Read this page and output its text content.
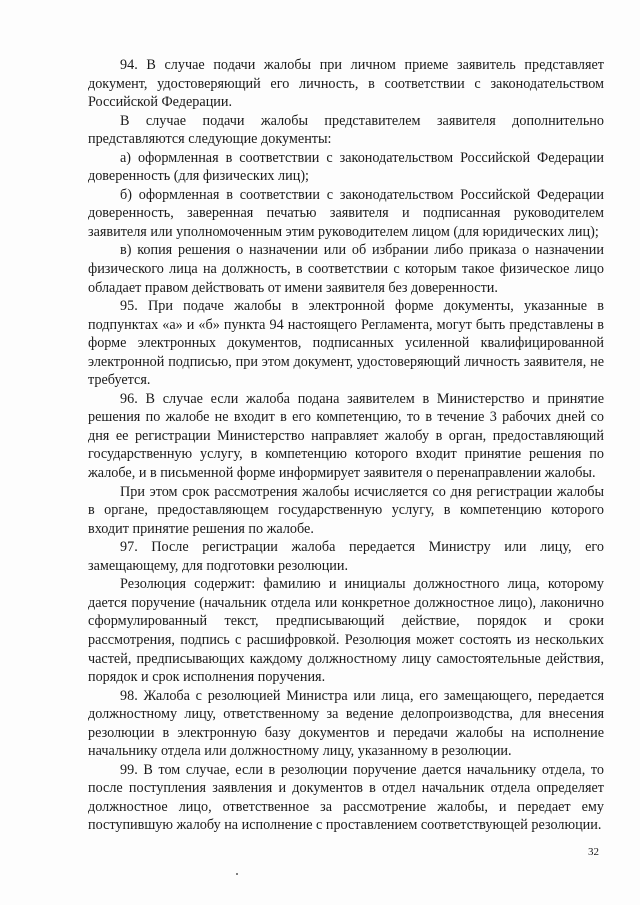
94. В случае подачи жалобы при личном приеме заявитель представляет документ, удостоверяющий его личность, в соответствии с законодательством Российской Федерации.

В случае подачи жалобы представителем заявителя дополнительно представляются следующие документы:

а) оформленная в соответствии с законодательством Российской Федерации доверенность (для физических лиц);

б) оформленная в соответствии с законодательством Российской Федерации доверенность, заверенная печатью заявителя и подписанная руководителем заявителя или уполномоченным этим руководителем лицом (для юридических лиц);

в) копия решения о назначении или об избрании либо приказа о назначении физического лица на должность, в соответствии с которым такое физическое лицо обладает правом действовать от имени заявителя без доверенности.

95. При подаче жалобы в электронной форме документы, указанные в подпунктах «а» и «б» пункта 94 настоящего Регламента, могут быть представлены в форме электронных документов, подписанных усиленной квалифицированной электронной подписью, при этом документ, удостоверяющий личность заявителя, не требуется.

96. В случае если жалоба подана заявителем в Министерство и принятие решения по жалобе не входит в его компетенцию, то в течение 3 рабочих дней со дня ее регистрации Министерство направляет жалобу в орган, предоставляющий государственную услугу, в компетенцию которого входит принятие решения по жалобе, и в письменной форме информирует заявителя о перенаправлении жалобы.

При этом срок рассмотрения жалобы исчисляется со дня регистрации жалобы в органе, предоставляющем государственную услугу, в компетенцию которого входит принятие решения по жалобе.

97. После регистрации жалоба передается Министру или лицу, его замещающему, для подготовки резолюции.

Резолюция содержит: фамилию и инициалы должностного лица, которому дается поручение (начальник отдела или конкретное должностное лицо), лаконично сформулированный текст, предписывающий действие, порядок и сроки рассмотрения, подпись с расшифровкой. Резолюция может состоять из нескольких частей, предписывающих каждому должностному лицу самостоятельные действия, порядок и срок исполнения поручения.

98. Жалоба с резолюцией Министра или лица, его замещающего, передается должностному лицу, ответственному за ведение делопроизводства, для внесения резолюции в электронную базу документов и передачи жалобы на исполнение начальнику отдела или должностному лицу, указанному в резолюции.

99. В том случае, если в резолюции поручение дается начальнику отдела, то после поступления заявления и документов в отдел начальник отдела определяет должностное лицо, ответственное за рассмотрение жалобы, и передает ему поступившую жалобу на исполнение с проставлением соответствующей резолюции.

32
